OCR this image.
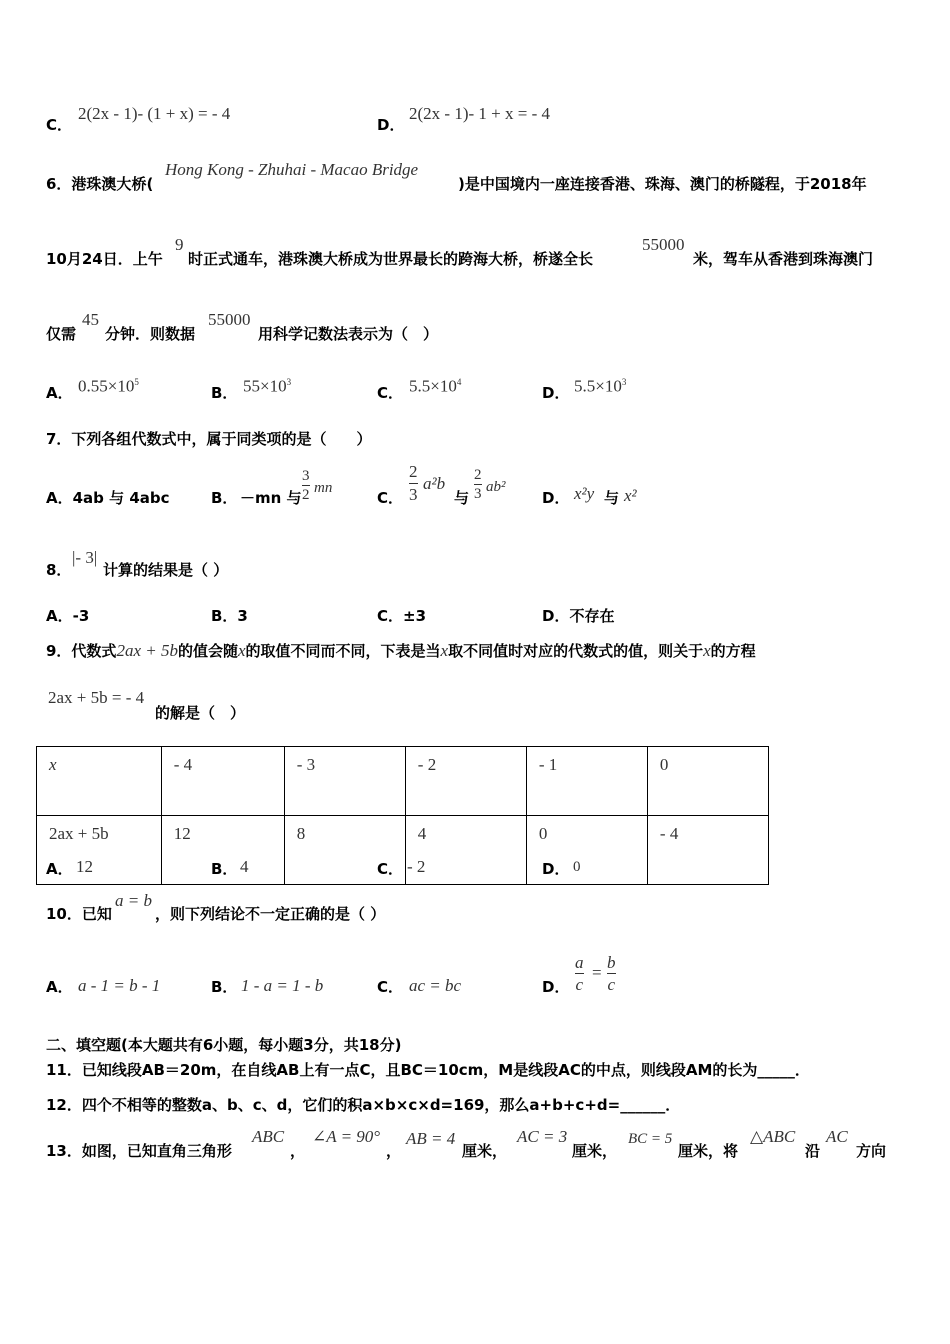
C．
2(2x - 1)- (1 + x) = - 4
D．
2(2x - 1)- 1 + x = - 4
6．港珠澳大桥(
Hong Kong - Zhuhai - Macao Bridge
)是中国境内一座连接香港、珠海、澳门的桥隧程，于2018年
10月24日．上午
9
时正式通车，港珠澳大桥成为世界最长的跨海大桥，桥遂全长
55000
米，驾车从香港到珠海澳门
仅需
45
分钟．则数据
55000
用科学记数法表示为（　）
A． $0.55\times 10^5$
B． $55\times 10^3$
C． $5.5\times 10^4$
D． $5.5\times 10^3$
7．下列各组代数式中，属于同类项的是（　　）
A．4ab 与 4abc	B． －mn 与
3
2 mn
C．
2
3
a²b
与
2
3 ab²
D． x²y 与 x²
8．
|- 3|
计算的结果是（ ）
A．-3	B．3	C．±3	D．不存在
9．代数式2ax + 5b的值会随x的取值不同而不同，下表是当x取不同值时对应的代数式的值，则关于x的方程
2ax + 5b = - 4
的解是（　）
x	- 4	- 3	- 2	- 1	0
2ax + 5b	12	8	4	0	- 4
A． 12	B． 4	C． - 2	D． 0
10．已知
a = b
，则下列结论不一定正确的是（ ）
A． a - 1 = b - 1	B． 1 - a = 1 - b	C． ac = bc	D．
a
c
=
b
c
二、填空题(本大题共有6小题，每小题3分，共18分)
11．已知线段AB＝20m，在自线AB上有一点C，且BC＝10cm，M是线段AC的中点，则线段AM的长为_____．
12．四个不相等的整数a、b、c、d，它们的积a×b×c×d=169，那么a+b+c+d=______．
13．如图，已知直角三角形
ABC
，
∠A = 90°
，
AB = 4
厘米，
AC = 3
厘米，
BC = 5
厘米，将
△ABC
沿
AC
方向
